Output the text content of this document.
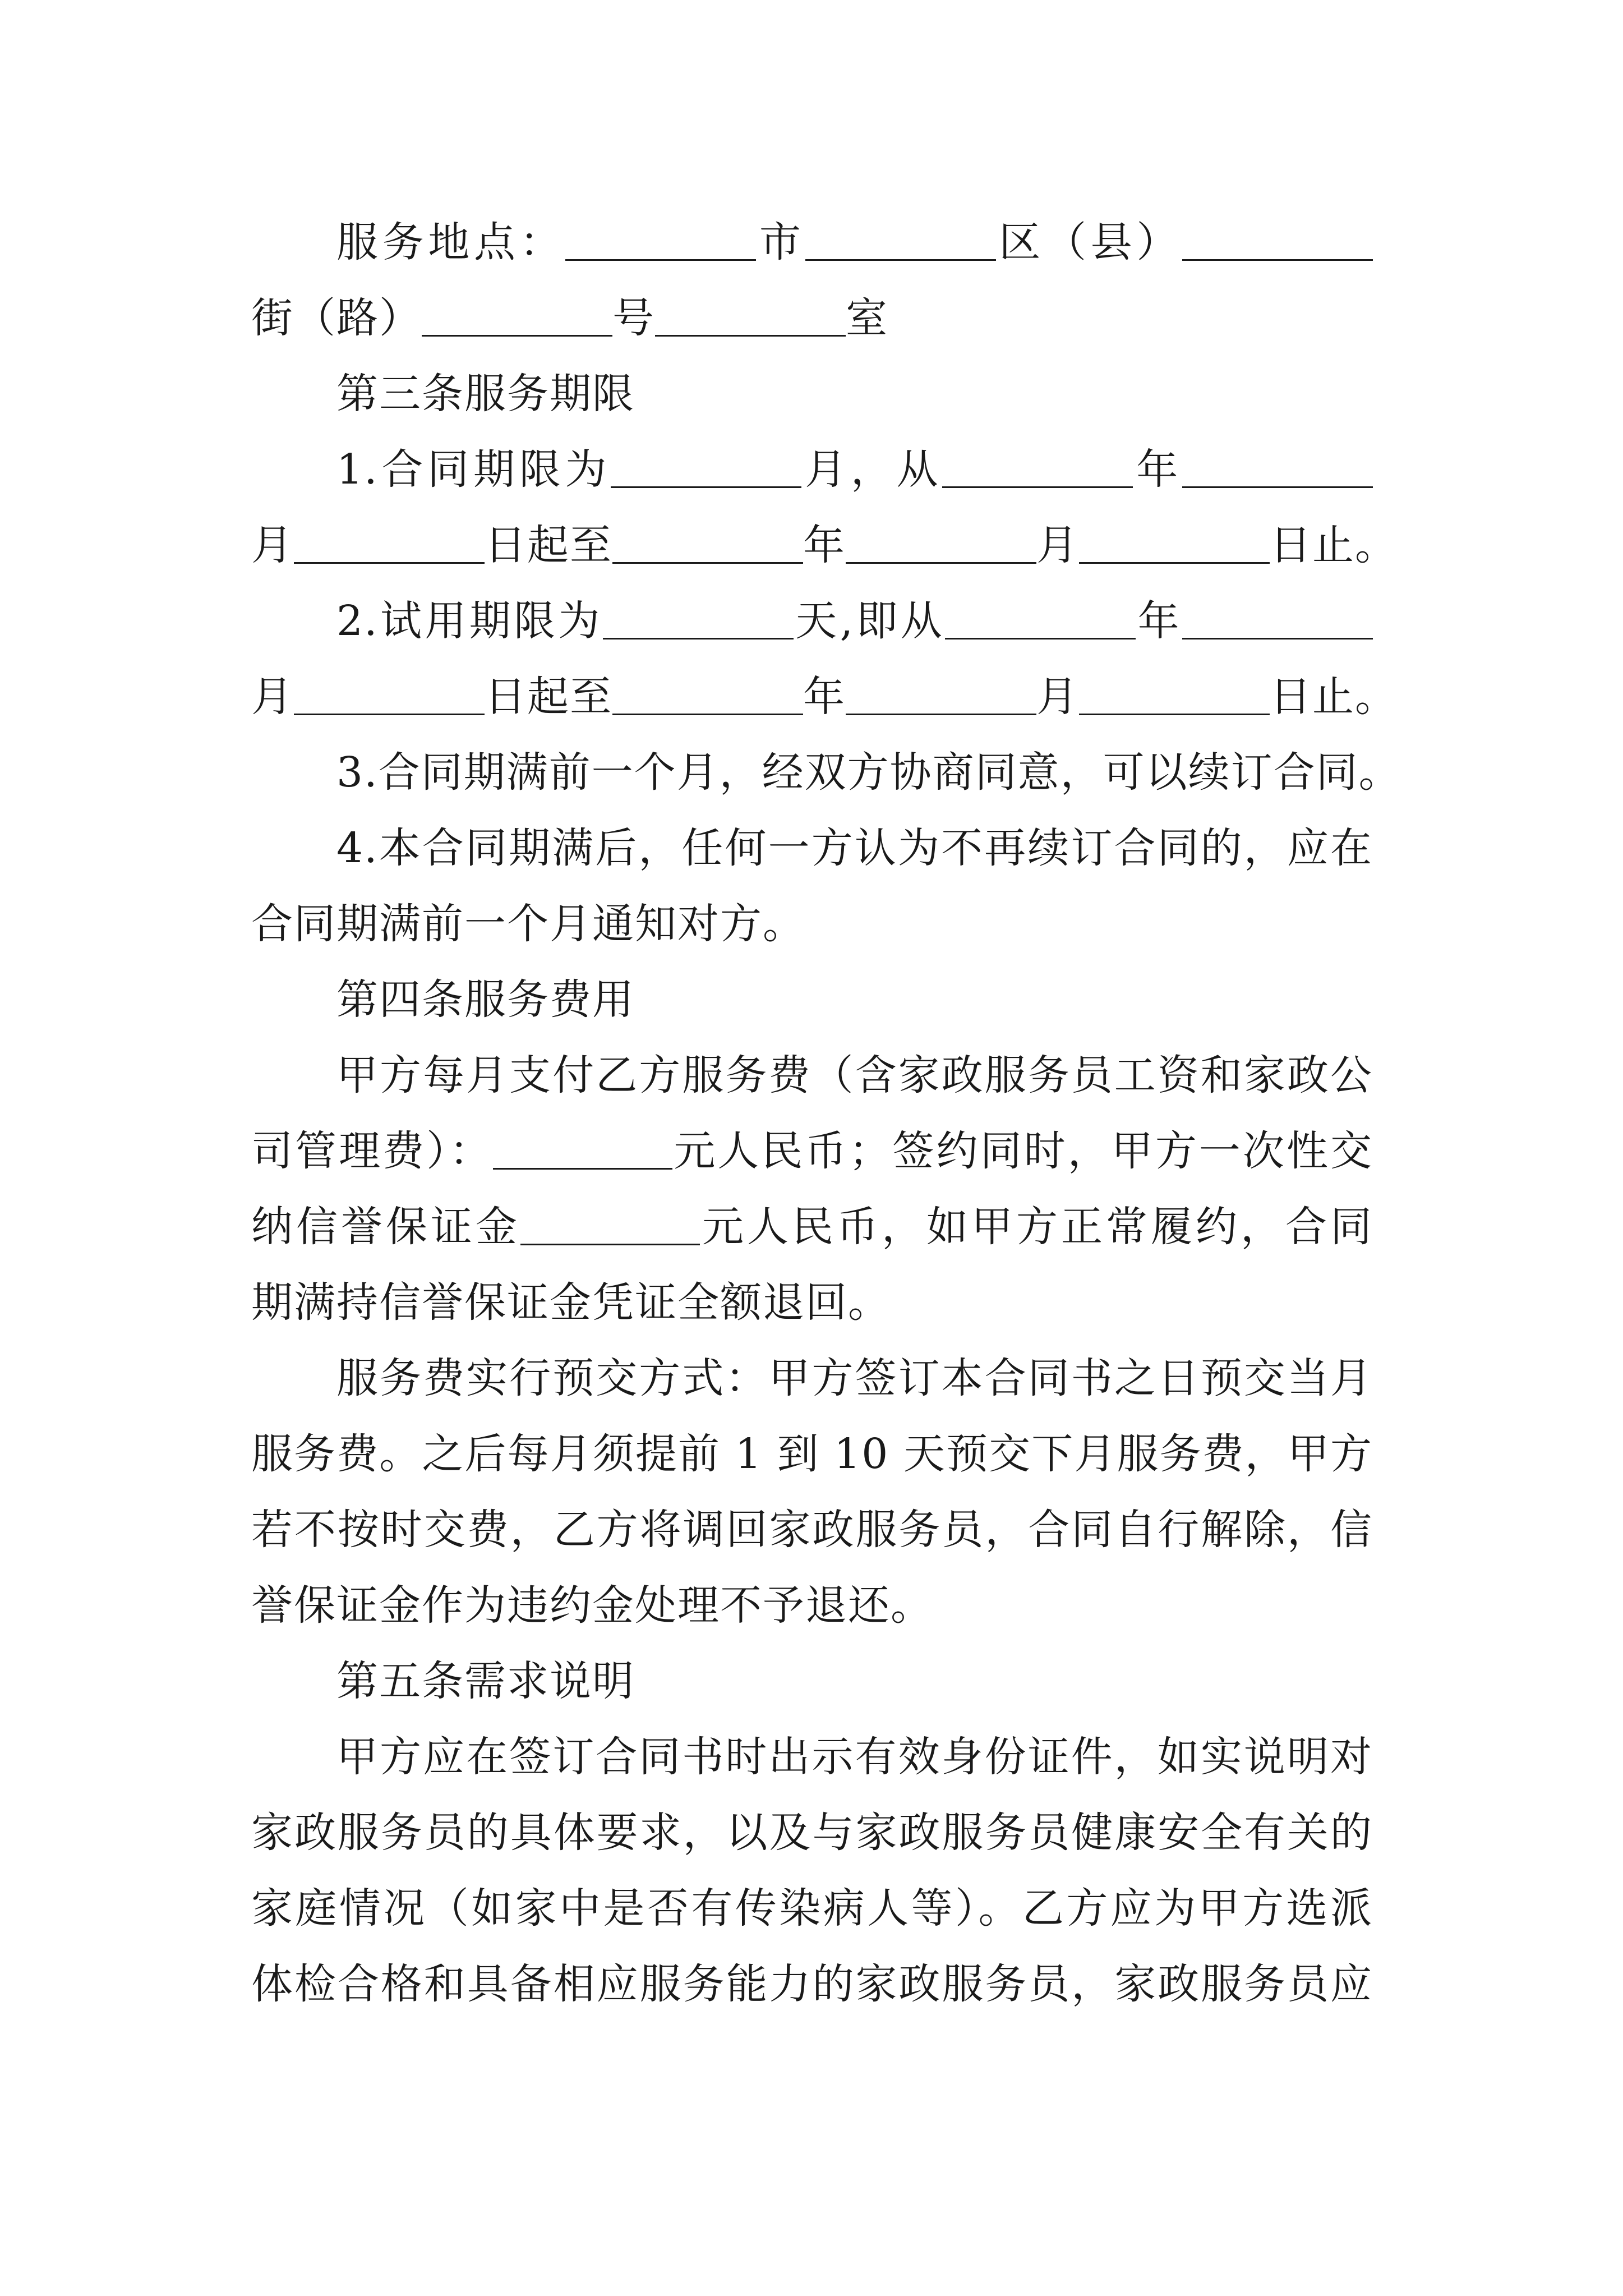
服务地点：	市	区（县）
街（路）	号	室
第三条服务期限
1.合同期限为	月，从	年
月	日起至	年	月	日止。
2.试用期限为	天,即从	年
月	日起至	年	月	日止。
3.合同期满前一个月，经双方协商同意，可以续订合同。
4.本合同期满后，任何一方认为不再续订合同的，应在
合同期满前一个月通知对方。
第四条服务费用
甲方每月支付乙方服务费（含家政服务员工资和家政公
司管理费）：	元人民币；签约同时，甲方一次性交
纳信誉保证金	元人民币，如甲方正常履约，合同
期满持信誉保证金凭证全额退回。
服务费实行预交方式：甲方签订本合同书之日预交当月
服务费。之后每月须提前 1 到 10 天预交下月服务费，甲方
若不按时交费，乙方将调回家政服务员，合同自行解除，信
誉保证金作为违约金处理不予退还。
第五条需求说明
甲方应在签订合同书时出示有效身份证件，如实说明对
家政服务员的具体要求，以及与家政服务员健康安全有关的
家庭情况（如家中是否有传染病人等）。乙方应为甲方选派
体检合格和具备相应服务能力的家政服务员，家政服务员应
